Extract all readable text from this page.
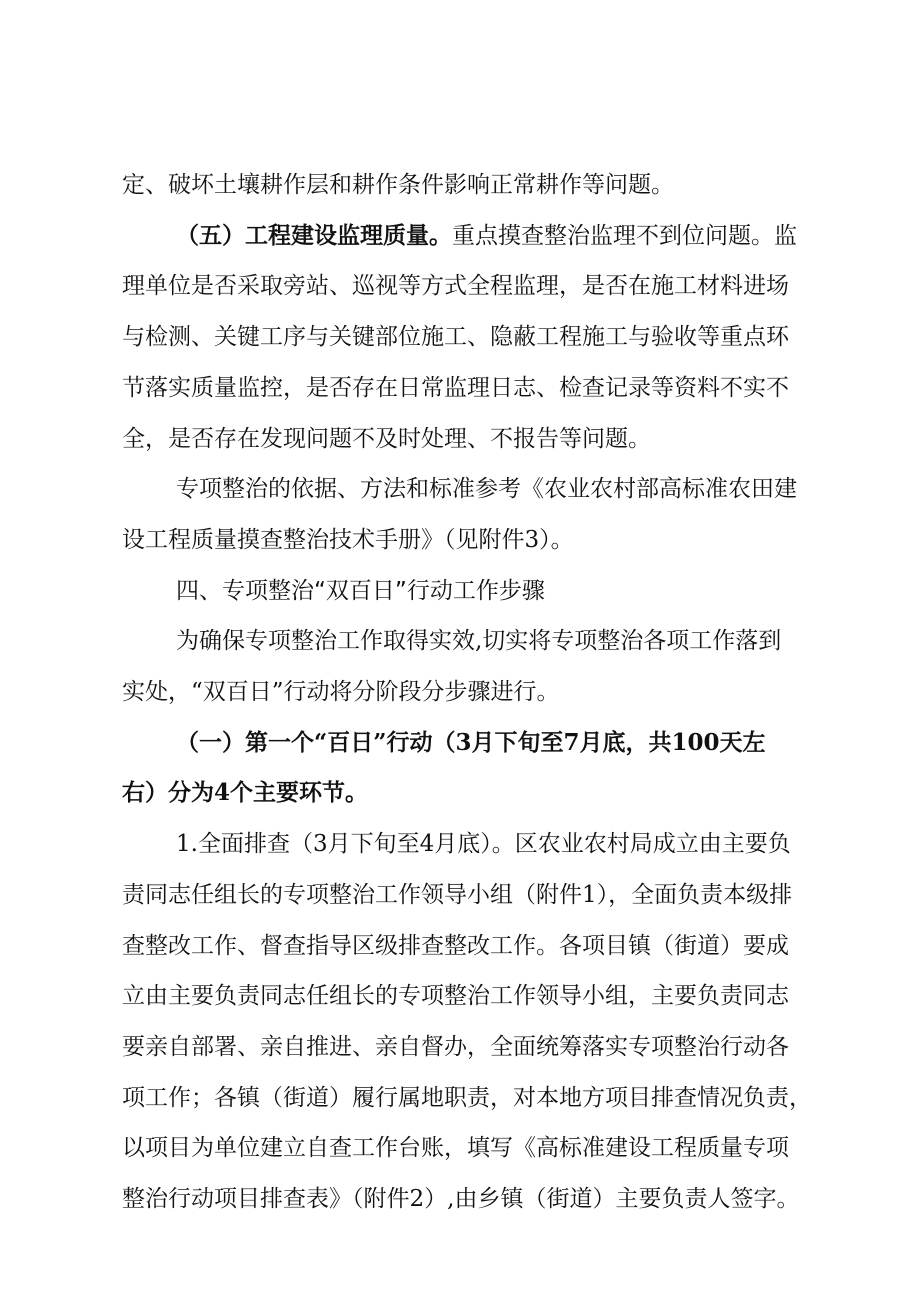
定、破坏土壤耕作层和耕作条件影响正常耕作等问题。
（五）工程建设监理质量。重点摸查整治监理不到位问题。监
理单位是否采取旁站、巡视等方式全程监理，是否在施工材料进场
与检测、关键工序与关键部位施工、隐蔽工程施工与验收等重点环
节落实质量监控，是否存在日常监理日志、检查记录等资料不实不
全，是否存在发现问题不及时处理、不报告等问题。
专项整治的依据、方法和标准参考《农业农村部高标准农田建
设工程质量摸查整治技术手册》（见附件3）。
四、专项整治“双百日”行动工作步骤
为确保专项整治工作取得实效,切实将专项整治各项工作落到
实处，“双百日”行动将分阶段分步骤进行。
（一）第一个“百日”行动（3月下旬至7月底，共100天左
右）分为4个主要环节。
1.全面排查（3月下旬至4月底）。区农业农村局成立由主要负
责同志任组长的专项整治工作领导小组（附件1），全面负责本级排
查整改工作、督查指导区级排查整改工作。各项目镇（街道）要成
立由主要负责同志任组长的专项整治工作领导小组，主要负责同志
要亲自部署、亲自推进、亲自督办，全面统筹落实专项整治行动各
项工作；各镇（街道）履行属地职责，对本地方项目排查情况负责，
以项目为单位建立自查工作台账，填写《高标准建设工程质量专项
整治行动项目排查表》（附件2）,由乡镇（街道）主要负责人签字。
